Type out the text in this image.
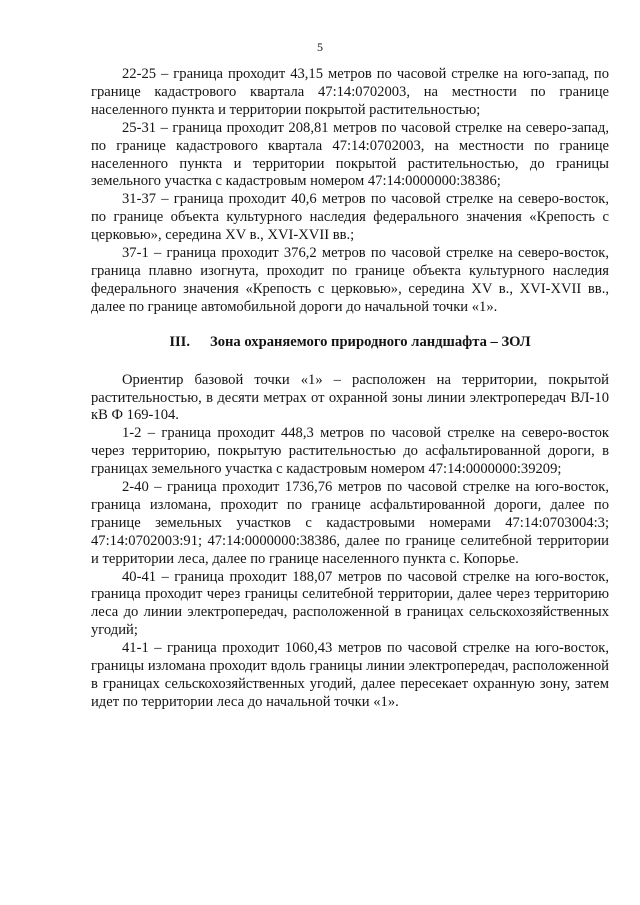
5

22-25 – граница проходит 43,15 метров по часовой стрелке на юго-запад, по границе кадастрового квартала 47:14:0702003, на местности по границе населенного пункта и территории покрытой растительностью;

25-31 – граница проходит 208,81 метров по часовой стрелке на северо-запад, по границе кадастрового квартала 47:14:0702003, на местности по границе населенного пункта и территории покрытой растительностью, до границы земельного участка с кадастровым номером 47:14:0000000:38386;

31-37 – граница проходит 40,6 метров по часовой стрелке на северо-восток, по границе объекта культурного наследия федерального значения «Крепость с церковью», середина XV в., XVI-XVII вв.;

37-1 – граница проходит 376,2 метров по часовой стрелке на северо-восток, граница плавно изогнута, проходит по границе объекта культурного наследия федерального значения «Крепость с церковью», середина XV в., XVI-XVII вв., далее по границе автомобильной дороги до начальной точки «1».

III. Зона охраняемого природного ландшафта – ЗОЛ

Ориентир базовой точки «1» – расположен на территории, покрытой растительностью, в десяти метрах от охранной зоны линии электропередач ВЛ-10 кВ Ф 169-104.

1-2 – граница проходит 448,3 метров по часовой стрелке на северо-восток через территорию, покрытую растительностью до асфальтированной дороги, в границах земельного участка с кадастровым номером 47:14:0000000:39209;

2-40 – граница проходит 1736,76 метров по часовой стрелке на юго-восток, граница изломана, проходит по границе асфальтированной дороги, далее по границе земельных участков с кадастровыми номерами 47:14:0703004:3; 47:14:0702003:91; 47:14:0000000:38386, далее по границе селитебной территории и территории леса, далее по границе населенного пункта с. Копорье.

40-41 – граница проходит 188,07 метров по часовой стрелке на юго-восток, граница проходит через границы селитебной территории, далее через территорию леса до линии электропередач, расположенной в границах сельскохозяйственных угодий;

41-1 – граница проходит 1060,43 метров по часовой стрелке на юго-восток, границы изломана проходит вдоль границы линии электропередач, расположенной в границах сельскохозяйственных угодий, далее пересекает охранную зону, затем идет по территории леса до начальной точки «1».
